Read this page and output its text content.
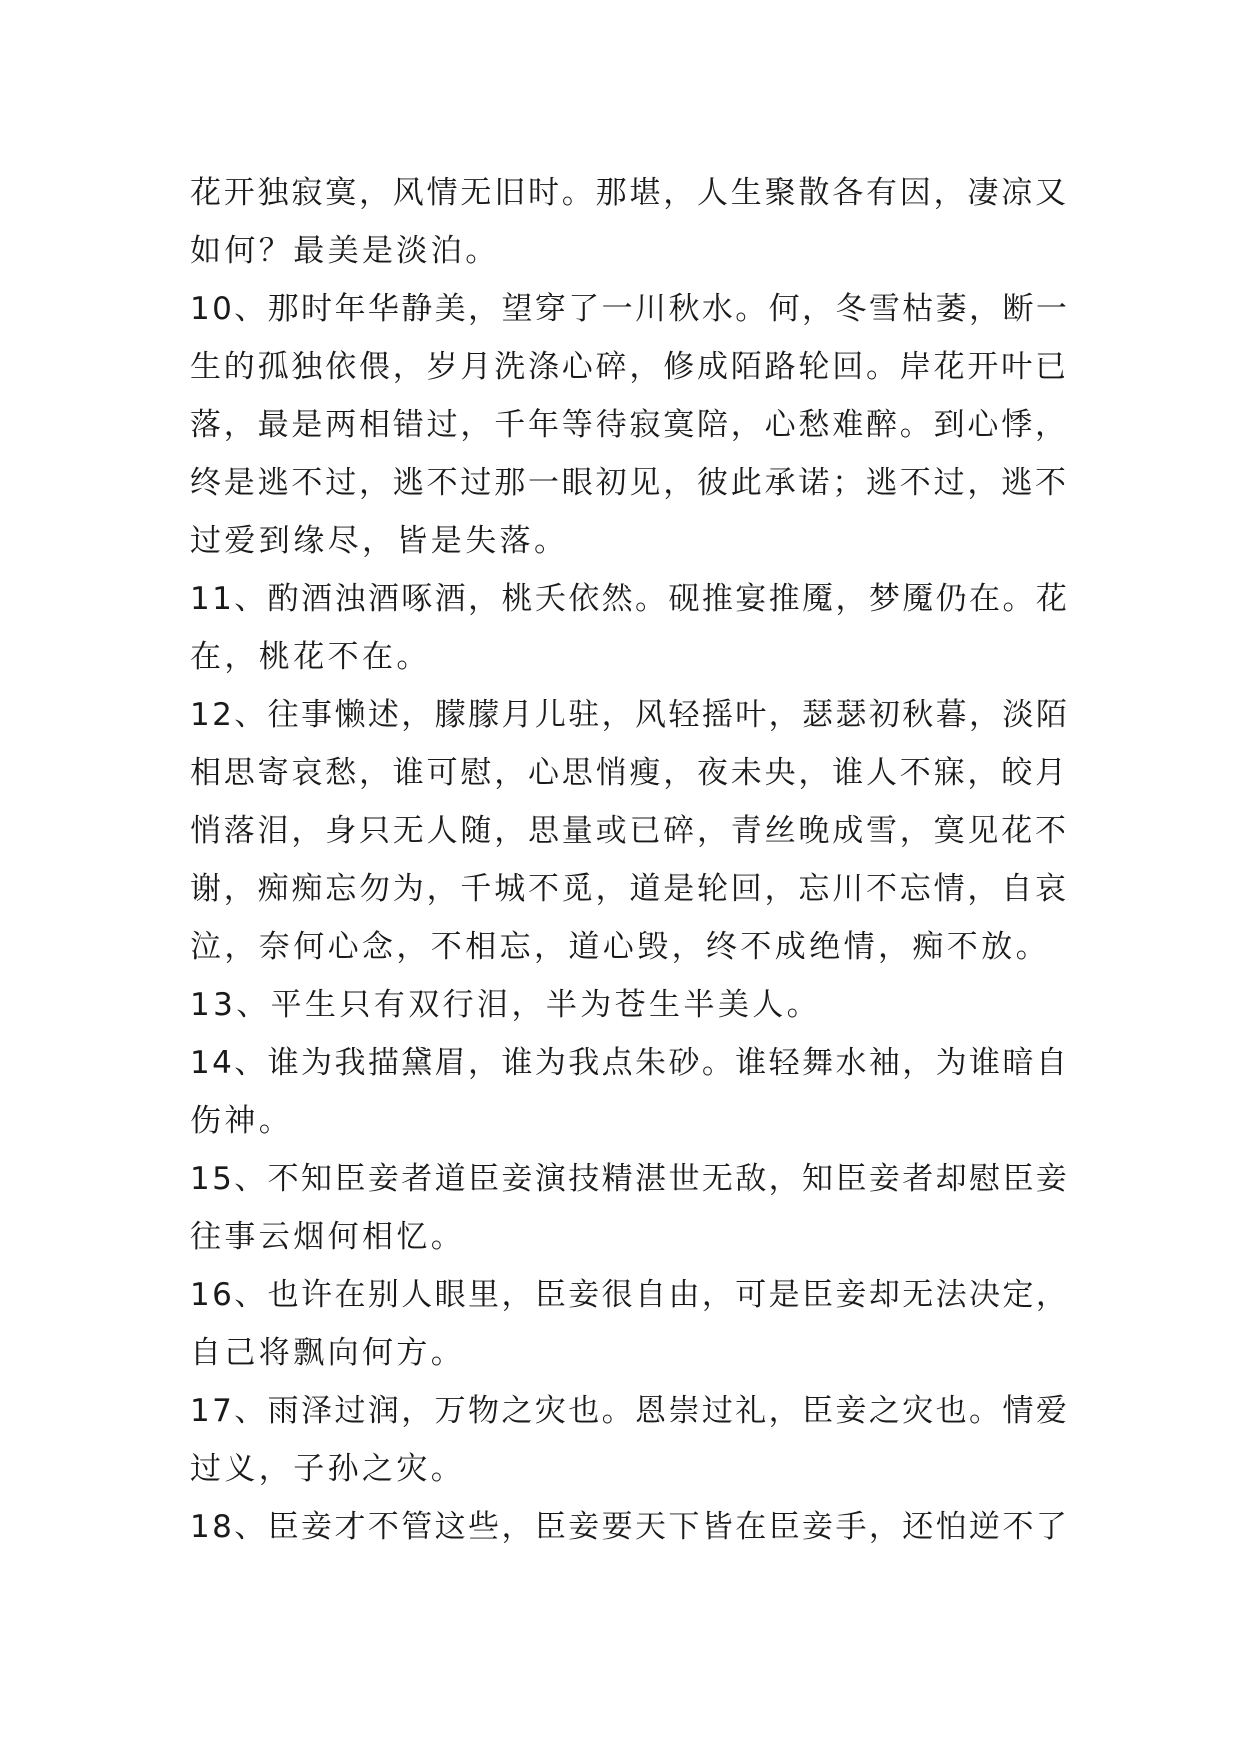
花开独寂寞，风情无旧时。那堪，人生聚散各有因，凄凉又
如何？最美是淡泊。
10、那时年华静美，望穿了一川秋水。何，冬雪枯萎，断一
生的孤独依偎，岁月洗涤心碎，修成陌路轮回。岸花开叶已
落，最是两相错过，千年等待寂寞陪，心愁难醉。到心悸，
终是逃不过，逃不过那一眼初见，彼此承诺；逃不过，逃不
过爱到缘尽，皆是失落。
11、酌酒浊酒啄酒，桃夭依然。砚推宴推魇，梦魇仍在。花
在，桃花不在。
12、往事懒述，朦朦月儿驻，风轻摇叶，瑟瑟初秋暮，淡陌
相思寄哀愁，谁可慰，心思悄瘦，夜未央，谁人不寐，皎月
悄落泪，身只无人随，思量或已碎，青丝晚成雪，寞见花不
谢，痴痴忘勿为，千城不觅，道是轮回，忘川不忘情，自哀
泣，奈何心念，不相忘，道心毁，终不成绝情，痴不放。
13、平生只有双行泪，半为苍生半美人。
14、谁为我描黛眉，谁为我点朱砂。谁轻舞水袖，为谁暗自
伤神。
15、不知臣妾者道臣妾演技精湛世无敌，知臣妾者却慰臣妾
往事云烟何相忆。
16、也许在别人眼里，臣妾很自由，可是臣妾却无法决定，
自己将飘向何方。
17、雨泽过润，万物之灾也。恩崇过礼，臣妾之灾也。情爱
过义，子孙之灾。
18、臣妾才不管这些，臣妾要天下皆在臣妾手，还怕逆不了
